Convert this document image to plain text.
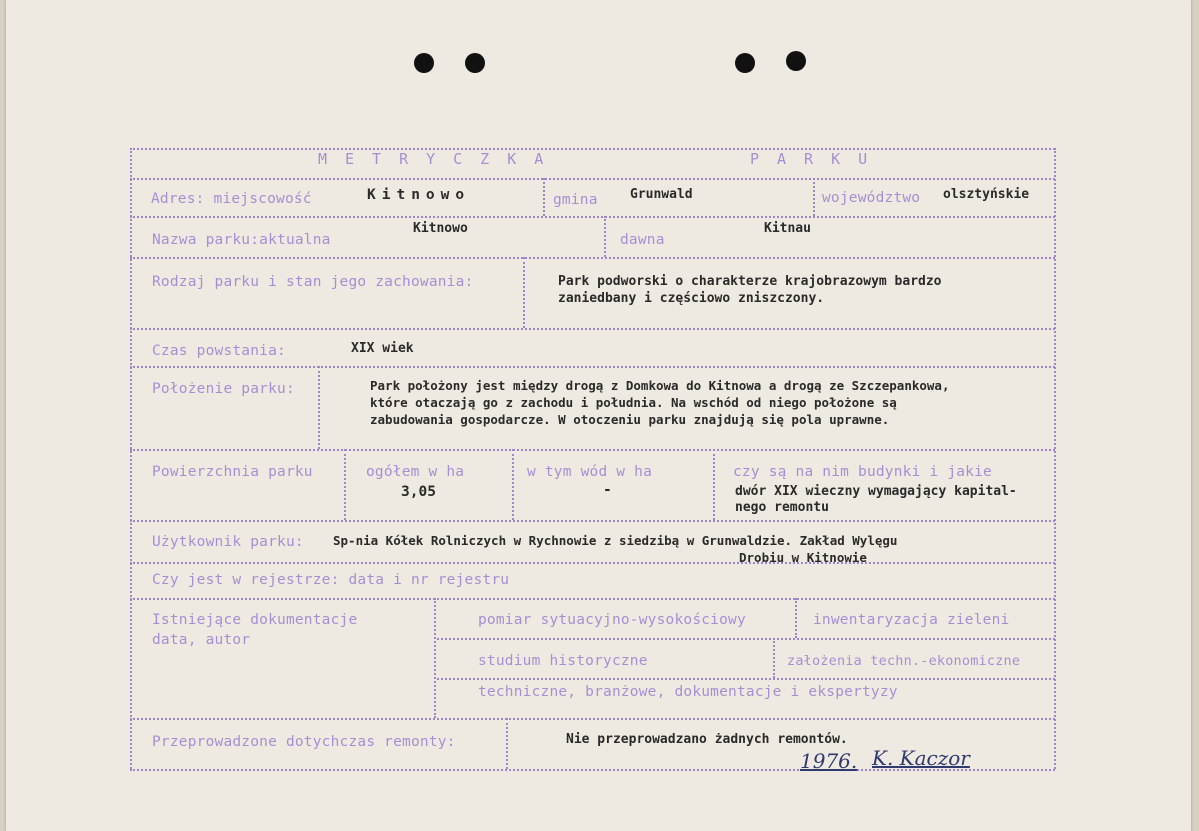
METRYCZKA	PARKU
Adres: miejscowość	Kitnowo	gmina Grunwald	województwo olsztyńskie
Nazwa parku:aktualna
Kitnowo
dawna
Kitnau
Rodzaj parku i stan jego zachowania:	Park podworski o charakterze krajobrazowym bardzo
zaniedbany i częściowo zniszczony.
Czas powstania:	XIX wiek
Położenie parku:	Park położony jest między drogą z Domkowa do Kitnowa a drogą ze Szczepankowa,
które otaczają go z zachodu i południa. Na wschód od niego położone są
zabudowania gospodarcze. W otoczeniu parku znajdują się pola uprawne.
Powierzchnia parku	ogółem w ha
3,05
w tym wód w ha
-
czy są na nim budynki i jakie
dwór XIX wieczny wymagający kapital-
nego remontu
Użytkownik parku: Sp-nia Kółek Rolniczych w Rychnowie z siedzibą w Grunwaldzie. Zakład Wylęgu
Drobiu w Kitnowie
Czy jest w rejestrze: data i nr rejestru
Istniejące dokumentacje
data, autor
pomiar sytuacyjno-wysokościowy	inwentaryzacja zieleni
studium historyczne	założenia techn.-ekonomiczne
techniczne, branżowe, dokumentacje i ekspertyzy
Przeprowadzone dotychczas remonty:	Nie przeprowadzano żadnych remontów.
1976. K. Kaczor
